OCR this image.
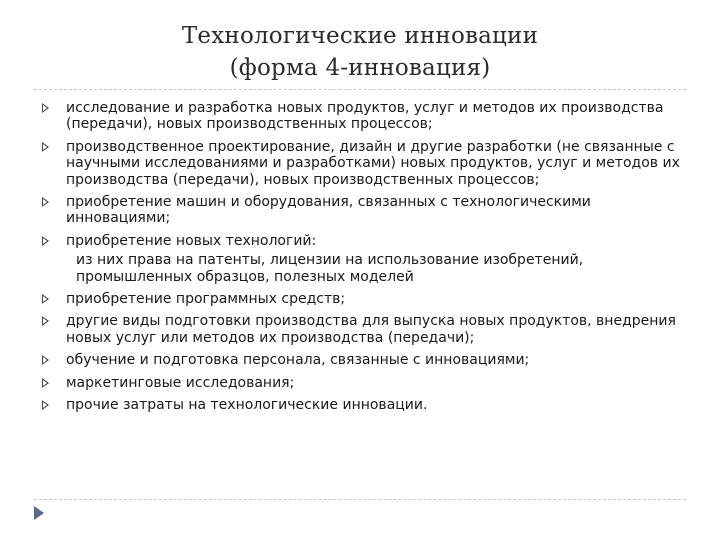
Технологические инновации
(форма 4-инновация)
исследование и разработка новых продуктов, услуг и методов их производства (передачи), новых производственных процессов;
производственное проектирование, дизайн и другие разработки (не связанные с научными исследованиями и разработками) новых продуктов, услуг и методов их производства (передачи), новых производственных процессов;
приобретение машин и оборудования, связанных с технологическими инновациями;
приобретение новых технологий:
из них права на патенты, лицензии на использование изобретений, промышленных образцов, полезных моделей
приобретение программных средств;
другие виды подготовки производства для выпуска новых продуктов, внедрения новых услуг или методов их производства (передачи);
обучение и подготовка персонала, связанные с инновациями;
маркетинговые исследования;
прочие затраты на технологические инновации.
